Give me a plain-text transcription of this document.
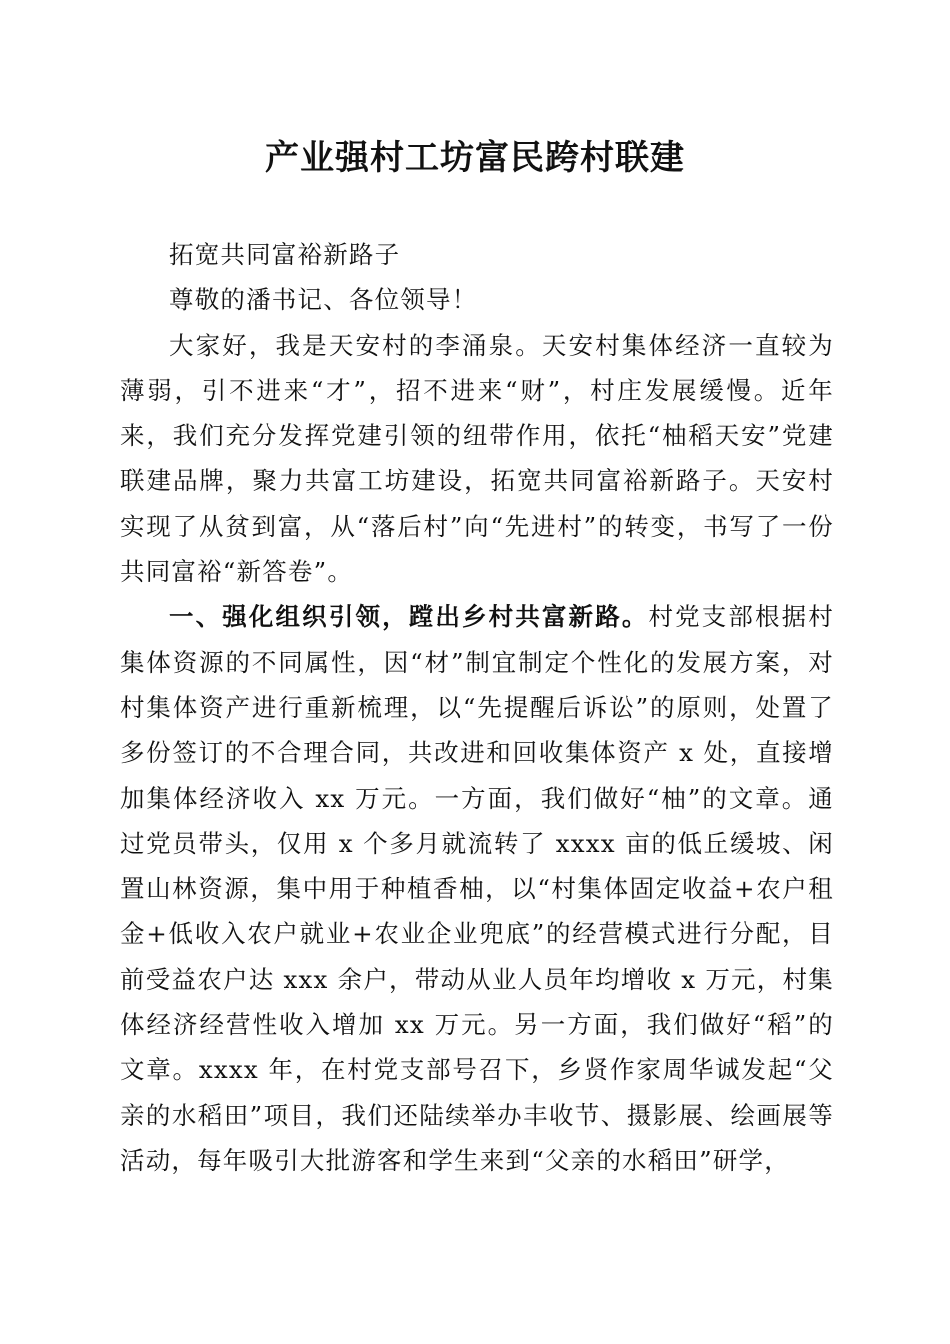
产业强村工坊富民跨村联建

拓宽共同富裕新路子

尊敬的潘书记、各位领导！

大家好，我是天安村的李涌泉。天安村集体经济一直较为薄弱，引不进来“才”，招不进来“财”，村庄发展缓慢。近年来，我们充分发挥党建引领的纽带作用，依托“柚稻天安”党建联建品牌，聚力共富工坊建设，拓宽共同富裕新路子。天安村实现了从贫到富，从“落后村”向“先进村”的转变，书写了一份共同富裕“新答卷”。

一、强化组织引领，蹚出乡村共富新路。村党支部根据村集体资源的不同属性，因“材”制宜制定个性化的发展方案，对村集体资产进行重新梳理，以“先提醒后诉讼”的原则，处置了多份签订的不合理合同，共改进和回收集体资产 x 处，直接增加集体经济收入 xx 万元。一方面，我们做好“柚”的文章。通过党员带头，仅用 x 个多月就流转了 xxxx 亩的低丘缓坡、闲置山林资源，集中用于种植香柚，以“村集体固定收益+农户租金+低收入农户就业+农业企业兜底”的经营模式进行分配，目前受益农户达 xxx 余户，带动从业人员年均增收 x 万元，村集体经济经营性收入增加 xx 万元。另一方面，我们做好“稻”的文章。xxxx 年，在村党支部号召下，乡贤作家周华诚发起“父亲的水稻田”项目，我们还陆续举办丰收节、摄影展、绘画展等活动，每年吸引大批游客和学生来到“父亲的水稻田”研学，
